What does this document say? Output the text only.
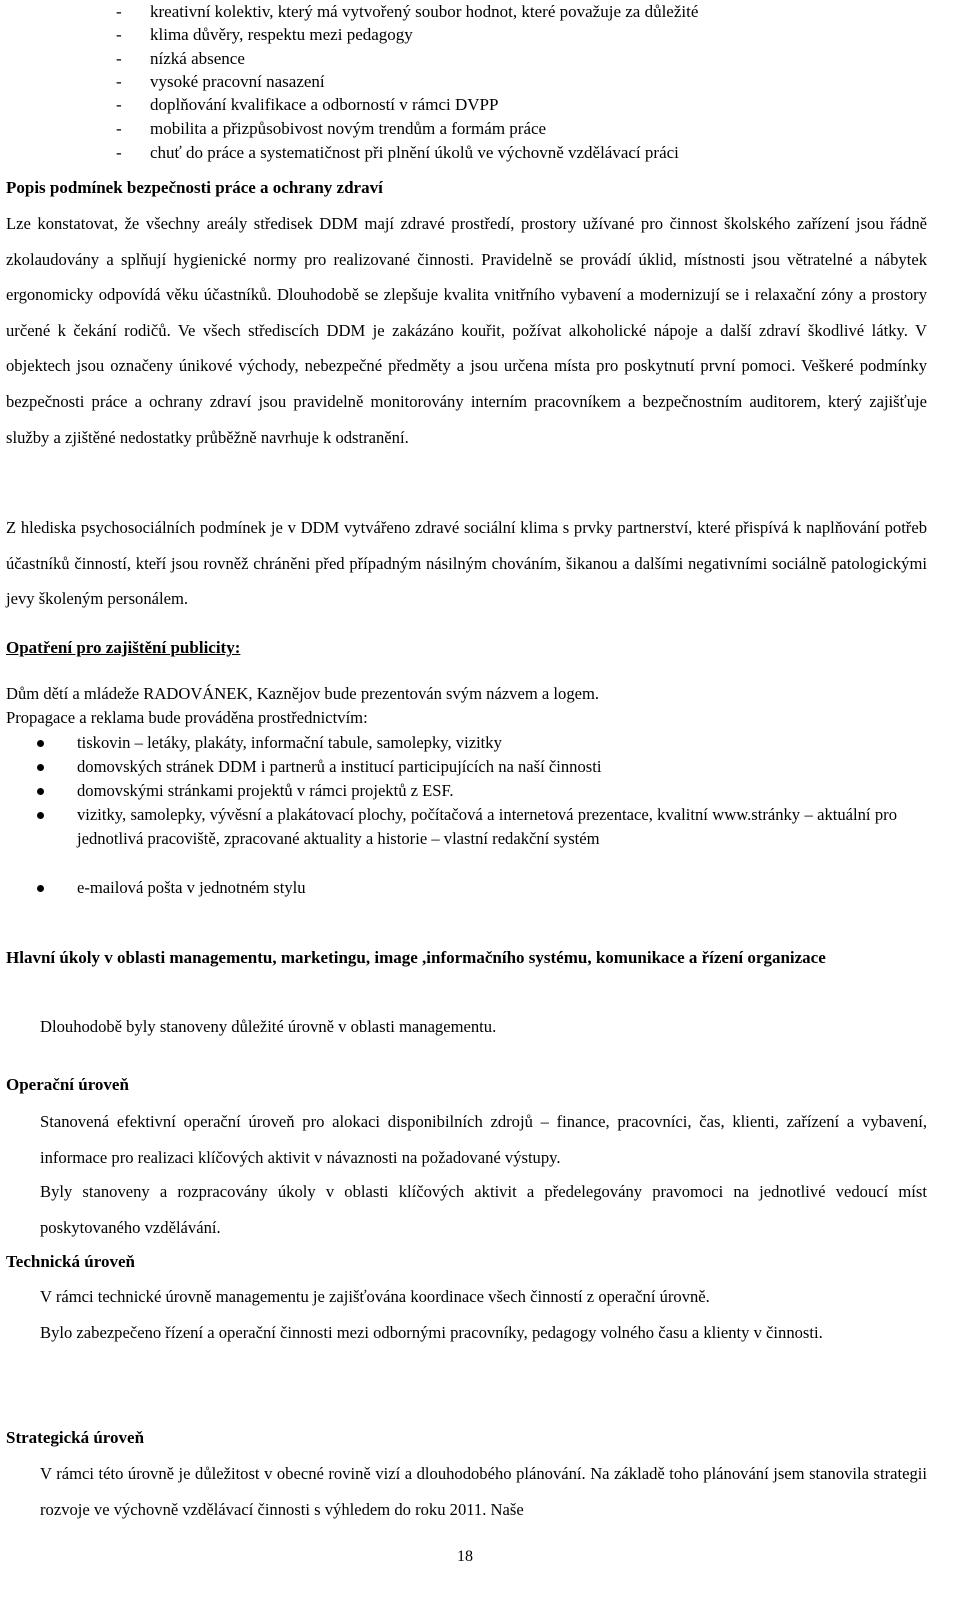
- kreativní kolektiv, který má vytvořený soubor hodnot, které považuje za důležité
- klima důvěry, respektu mezi pedagogy
- nízká absence
- vysoké pracovní nasazení
- doplňování kvalifikace a odborností v rámci DVPP
- mobilita a přizpůsobivost novým trendům a formám práce
- chuť do práce a systematičnost při plnění úkolů ve výchovně vzdělávací práci
Popis podmínek bezpečnosti práce a ochrany zdraví
Lze konstatovat, že všechny areály středisek DDM mají zdravé prostředí, prostory užívané pro činnost školského zařízení jsou řádně zkolaudovány a splňují hygienické normy pro realizované činnosti. Pravidelně se provádí úklid, místnosti jsou větratelné a nábytek ergonomicky odpovídá věku účastníků. Dlouhodobě se zlepšuje kvalita vnitřního vybavení a modernizují se i relaxační zóny a prostory určené k čekání rodičů. Ve všech střediscích DDM je zakázáno kouřit, požívat alkoholické nápoje a další zdraví škodlivé látky. V objektech jsou označeny únikové východy, nebezpečné předměty a jsou určena místa pro poskytnutí první pomoci. Veškeré podmínky bezpečnosti práce a ochrany zdraví jsou pravidelně monitorovány interním pracovníkem a bezpečnostním auditorem, který zajišťuje služby a zjištěné nedostatky průběžně navrhuje k odstranění.
Z hlediska psychosociálních podmínek je v DDM vytvářeno zdravé sociální klima s prvky partnerství, které přispívá k naplňování potřeb účastníků činností, kteří jsou rovněž chráněni před případným násilným chováním, šikanou a dalšími negativními sociálně patologickými jevy školeným personálem.
Opatření pro zajištění publicity:
Dům dětí a mládeže RADOVÁNEK, Kaznějov bude prezentován svým názvem a logem.
Propagace a reklama bude prováděna prostřednictvím:
tiskovin – letáky, plakáty, informační tabule, samolepky, vizitky
domovských stránek DDM i partnerů a institucí participujících na naší činnosti
domovskými stránkami projektů v rámci projektů z ESF.
vizitky, samolepky, vývěsní a plakátovací plochy, počítačová a internetová prezentace, kvalitní www.stránky – aktuální pro jednotlivá pracoviště, zpracované aktuality a historie – vlastní redakční systém
e-mailová pošta v jednotném stylu
Hlavní úkoly v oblasti managementu, marketingu, image ,informačního systému, komunikace a řízení organizace
Dlouhodobě byly stanoveny důležité úrovně v oblasti managementu.
Operační úroveň
Stanovená efektivní operační úroveň pro alokaci disponibilních zdrojů – finance, pracovníci, čas, klienti, zařízení a vybavení, informace pro realizaci klíčových aktivit v návaznosti na požadované výstupy.
Byly stanoveny a rozpracovány úkoly v oblasti klíčových aktivit a předelegovány pravomoci na jednotlivé vedoucí míst poskytovaného vzdělávání.
Technická úroveň
V rámci technické úrovně managementu je zajišťována koordinace všech činností z operační úrovně.
Bylo zabezpečeno řízení a operační činnosti mezi odbornými pracovníky, pedagogy volného času a klienty v činnosti.
Strategická úroveň
V rámci této úrovně je důležitost v obecné rovině vizí a dlouhodobého plánování. Na základě toho plánování jsem stanovila strategii rozvoje ve výchovně vzdělávací činnosti s výhledem do roku 2011. Naše
18
